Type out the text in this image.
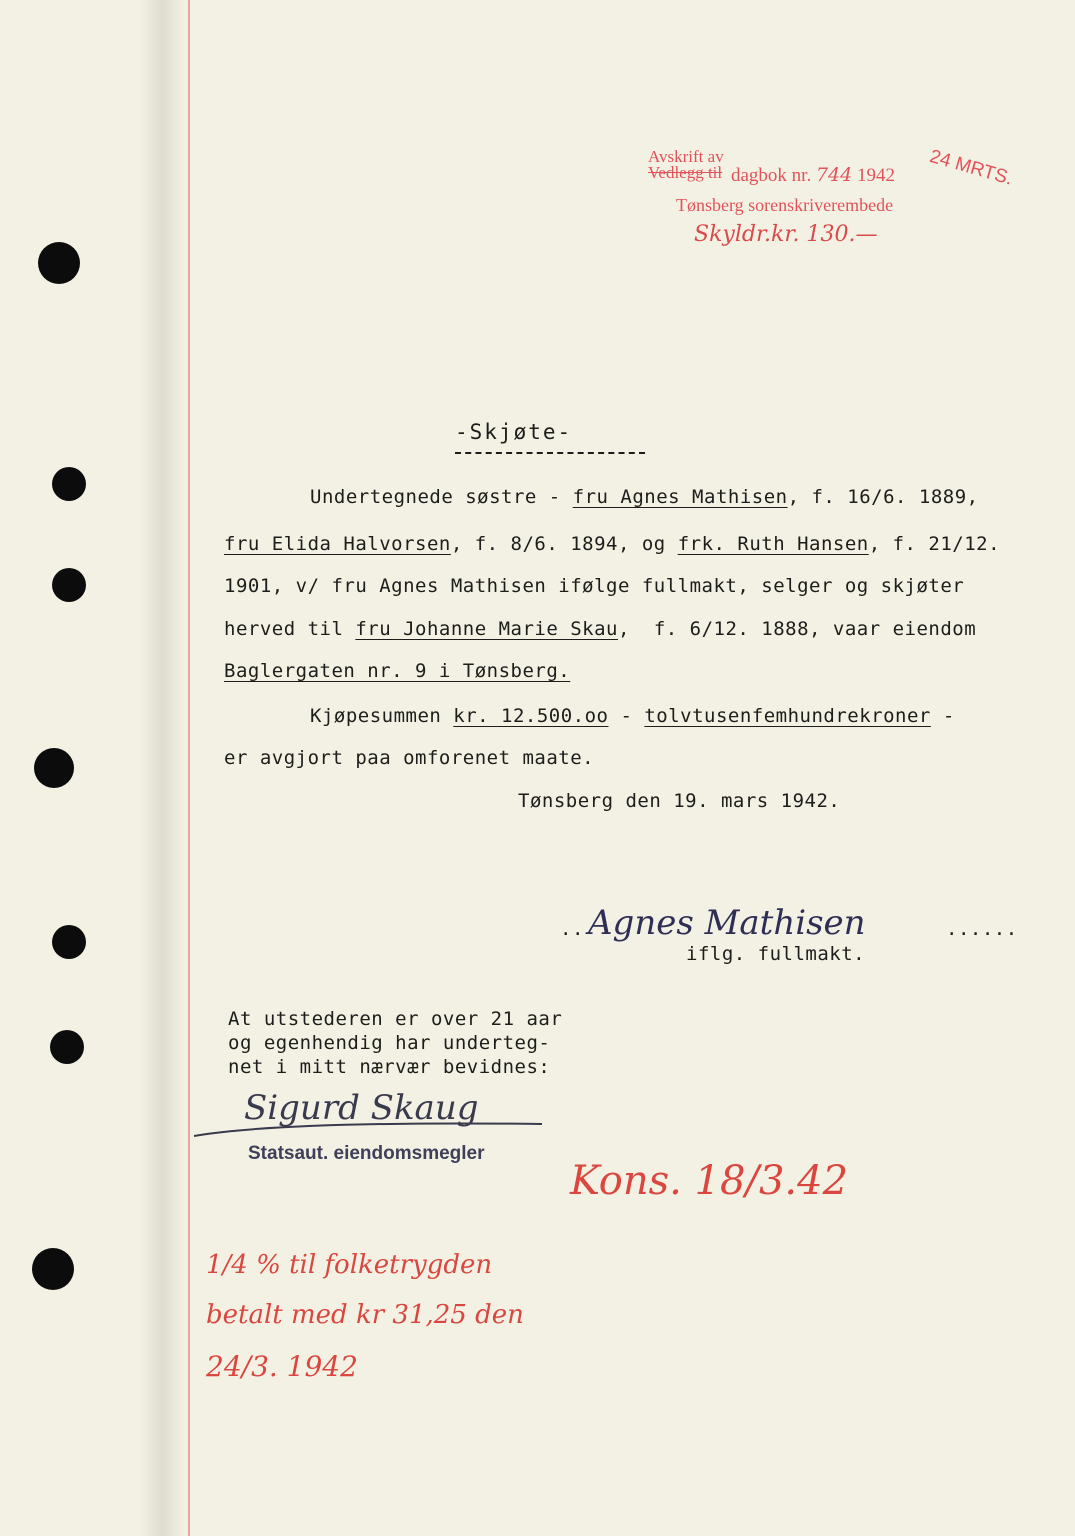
Avskrift av
Vedlegg til dagbok nr. 744 1942 24 MRTS.
Tønsberg sorenskriverembede
Skyldr.kr. 130.—
-Skjøte-
Undertegnede søstre - fru Agnes Mathisen, f. 16/6. 1889,
fru Elida Halvorsen, f. 8/6. 1894, og frk. Ruth Hansen, f. 21/12.
1901, v/ fru Agnes Mathisen ifølge fullmakt, selger og skjøter
herved til fru Johanne Marie Skau,  f. 6/12. 1888, vaar eiendom
Baglergaten nr. 9 i Tønsberg.
Kjøpesummen kr. 12.500.oo - tolvtusenfemhundrekroner -
er avgjort paa omforenet maate.
Tønsberg den 19. mars 1942.
.. Agnes Mathisen	......
iflg. fullmakt.
At utstederen er over 21 aar
og egenhendig har underteg-
net i mitt nærvær bevidnes:
Sigurd Skaug
Statsaut. eiendomsmegler
Kons. 18/3.42
1/4 % til folketrygden
betalt med kr 31,25 den
24/3. 1942
